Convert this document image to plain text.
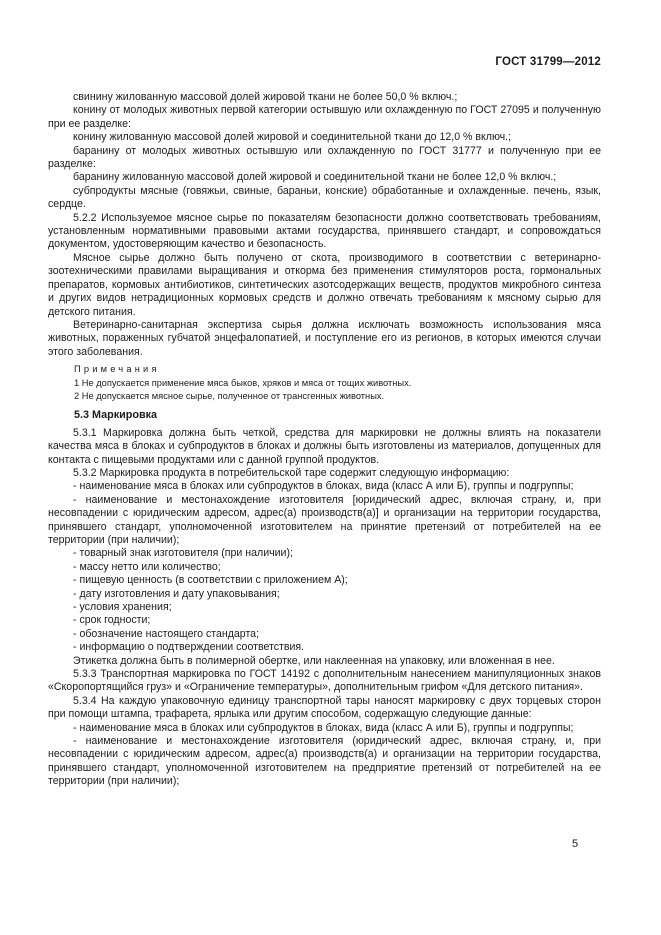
ГОСТ 31799—2012

свинину жилованную массовой долей жировой ткани не более 50,0 % включ.;

конину от молодых животных первой категории остывшую или охлажденную по ГОСТ 27095 и полученную при ее разделке:

конину жилованную массовой долей жировой и соединительной ткани до 12,0 % включ.;

баранину от молодых животных остывшую или охлажденную по ГОСТ 31777 и полученную при ее разделке:

баранину жилованную массовой долей жировой и соединительной ткани не более 12,0 % включ.;

субпродукты мясные (говяжьи, свиные, бараньи, конские) обработанные и охлажденные. печень, язык, сердце.

5.2.2 Используемое мясное сырье по показателям безопасности должно соответствовать требованиям, установленным нормативными правовыми актами государства, принявшего стандарт, и сопровождаться документом, удостоверяющим качество и безопасность.

Мясное сырье должно быть получено от скота, производимого в соответствии с ветеринарно-зоотехническими правилами выращивания и откорма без применения стимуляторов роста, гормональных препаратов, кормовых антибиотиков, синтетических азотсодержащих веществ, продуктов микробного синтеза и других видов нетрадиционных кормовых средств и должно отвечать требованиям к мясному сырью для детского питания.

Ветеринарно-санитарная экспертиза сырья должна исключать возможность использования мяса животных, пораженных губчатой энцефалопатией, и поступление его из регионов, в которых имеются случаи этого заболевания.

Примечания

1 Не допускается применение мяса быков, хряков и мяса от тощих животных.

2 Не допускается мясное сырье, полученное от трансгенных животных.

5.3 Маркировка

5.3.1 Маркировка должна быть четкой, средства для маркировки не должны влиять на показатели качества мяса в блоках и субпродуктов в блоках и должны быть изготовлены из материалов, допущенных для контакта с пищевыми продуктами или с данной группой продуктов.

5.3.2 Маркировка продукта в потребительской таре содержит следующую информацию:

- наименование мяса в блоках или субпродуктов в блоках, вида (класс А или Б), группы и подгруппы;

- наименование и местонахождение изготовителя [юридический адрес, включая страну, и, при несовпадении с юридическим адресом, адрес(а) производств(а)] и организации на территории государства, принявшего стандарт, уполномоченной изготовителем на принятие претензий от потребителей на ее территории (при наличии);

- товарный знак изготовителя (при наличии);

- массу нетто или количество;

- пищевую ценность (в соответствии с приложением А);

- дату изготовления и дату упаковывания;

- условия хранения;

- срок годности;

- обозначение настоящего стандарта;

- информацию о подтверждении соответствия.

Этикетка должна быть в полимерной обертке, или наклеенная на упаковку, или вложенная в нее.

5.3.3 Транспортная маркировка по ГОСТ 14192 с дополнительным нанесением манипуляционных знаков «Скоропортящийся груз» и «Ограничение температуры», дополнительным грифом «Для детского питания».

5.3.4 На каждую упаковочную единицу транспортной тары наносят маркировку с двух торцевых сторон при помощи штампа, трафарета, ярлыка или другим способом, содержащую следующие данные:

- наименование мяса в блоках или субпродуктов в блоках, вида (класс А или Б), группы и подгруппы;

- наименование и местонахождение изготовителя (юридический адрес, включая страну, и, при несовпадении с юридическим адресом, адрес(а) производств(а) и организации на территории государства, принявшего стандарт, уполномоченной изготовителем на предприятие претензий от потребителей на ее территории (при наличии);

5
